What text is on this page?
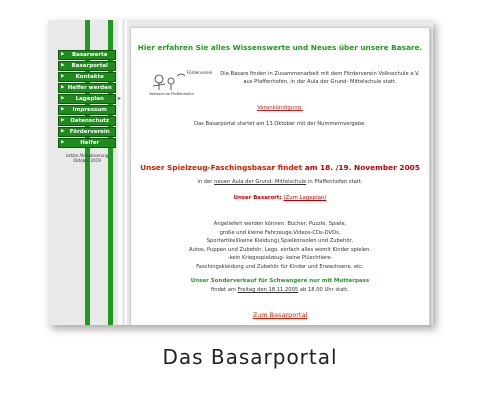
▶ Basarwerte
▶ Basarportal
▶ Kontakte
▶ Helfer werden
▶ Lageplan
▶ Impressum
▶ Datenschutz
▶ Förderverein
▶	Helfer
Letzte Aktualisierung
Oktober 2019
▸
Hier erfahren Sie alles Wissenswerte und Neues über unsere Basare.
Förderverein
Volksschule Pfaffenhofen
Die Basare finden in Zusammenarbeit mit dem Förderverein Volksschule e.V.
aus Pfaffenhofen, in der Aula der Grund- Mittelschule statt.
Verankündigung:
Das Basarportal startet am 13.Oktober mit der Nummernvergabe.
Unser Spielzeug-Faschingsbasar findet am 18. /19. November 2005
in der neuen Aula der Grund- Mittelschule in Pfaffenhofen statt.
Unser Basarort: (Zum Lageplan)
Angeliefert werden können: Bücher, Puzzle, Spiele,
große und kleine Fahrzeuge,Videos-CDs-DVDs,
Sportartikel(keine Kleidung),Spielkonsolen und Zubehör,
Autos, Puppen und Zubehör, Lego, einfach alles womit Kinder spielen.
-kein Kriegsspielzeug- keine Plüschtiere-
Faschingskleidung und Zubehör für Kinder und Erwachsene. etc.
Unser Sonderverkauf für Schwangere nur mit Mutterpass
findet am Freitag den 18.11.2005 ab 18.00 Uhr statt.
Zum Basarportal
Das Basarportal
